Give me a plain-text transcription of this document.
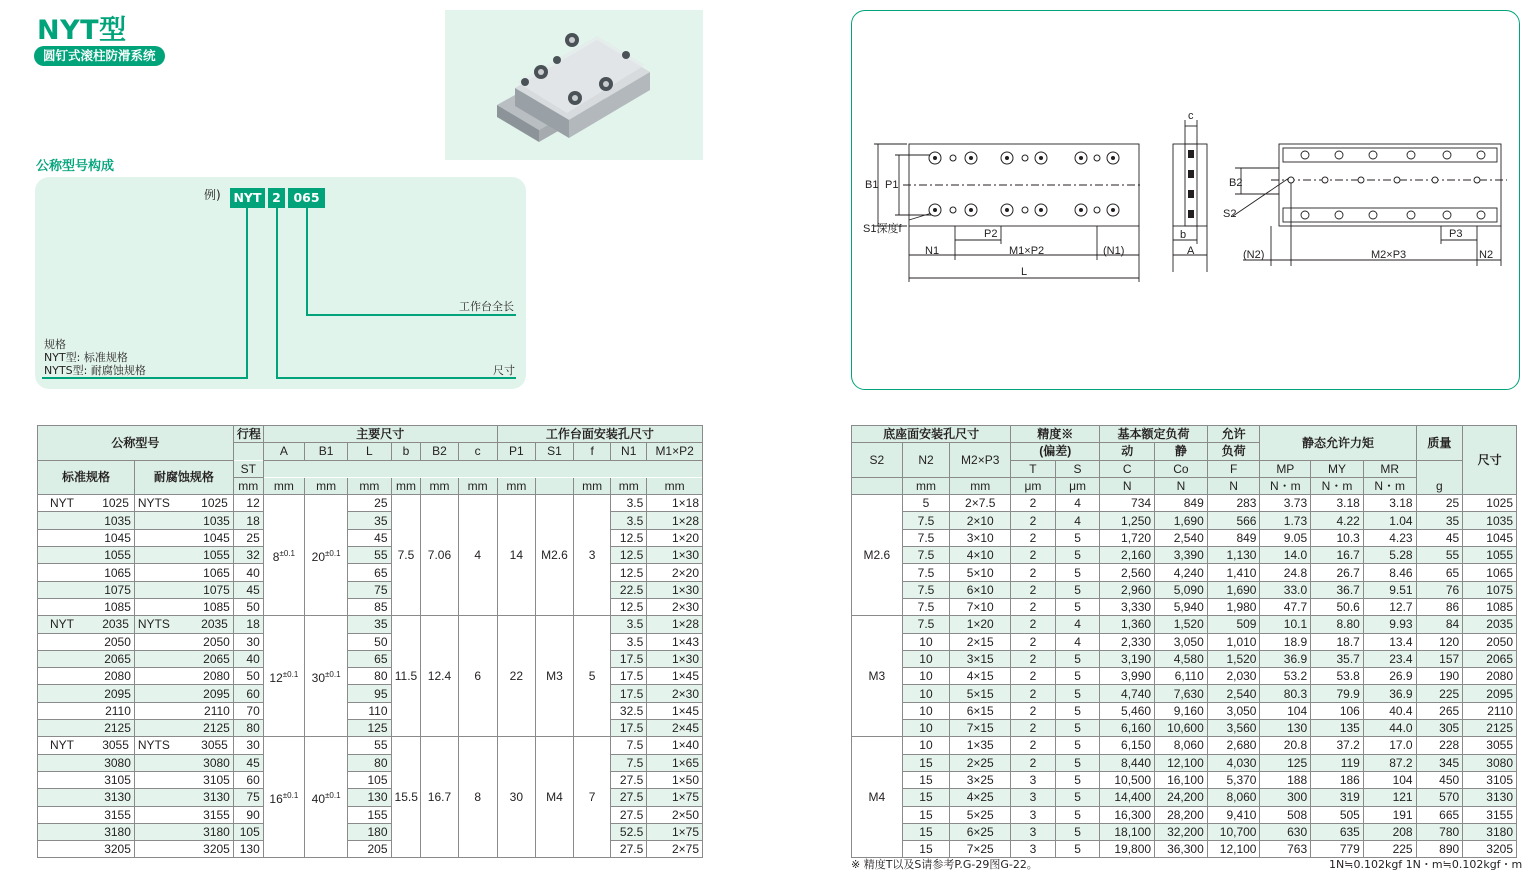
NYT型
圆钉式滚柱防滑系统
公称型号构成
例) NYT 2	065
工作台全长
尺寸
规格
NYT型: 标准规格
NYTS型: 耐腐蚀规格
B1 P1
S1深度f	P2
N1	M1×P2	(N1)
L
c
b
A
B2
S2
P3
(N2)	M2×P3	N2
公称型号		行程	主要尺寸						工作台面安装孔尺寸				
			A	B1	L	b	B2	c	P1	S1	f	N1	M1×P2
标准规格	耐腐蚀规格	ST											
		mm	mm	mm	mm	mm	mm	mm	mm		mm	mm	mm
NYT 1025	NYTS 1025	12	$8^{\pm 0.1}$	$20^{\pm 0.1}$	25	7.5	7.06	4	14	M2.6	3	3.5	1×18
1035	1035	18			35							3.5	1×28
1045	1045	25			45							12.5	1×20
1055	1055	32			55							12.5	1×30
1065	1065	40			65							12.5	2×20
1075	1075	45			75							22.5	1×30
1085	1085	50			85							12.5	2×30
NYT 2035	NYTS 2035	18	$12^{\pm 0.1}$	$30^{\pm 0.1}$	35	11.5	12.4	6	22	M3	5	3.5	1×28
2050	2050	30			50							3.5	1×43
2065	2065	40			65							17.5	1×30
2080	2080	50			80							17.5	1×45
2095	2095	60			95							17.5	2×30
2110	2110	70			110							32.5	1×45
2125	2125	80			125							17.5	2×45
NYT 3055	NYTS 3055	30	$16^{\pm 0.1}$	$40^{\pm 0.1}$	55	15.5	16.7	8	30	M4	7	7.5	1×40
3080	3080	45			80							7.5	1×65
3105	3105	60			105							27.5	1×50
3130	3130	75			130							27.5	1×75
3155	3155	90			155							27.5	2×50
3180	3180	105			180							52.5	1×75
3205	3205	130			205							27.5	2×75
底座面安装孔尺寸			精度※		基本额定负荷		允许	静态允许力矩			质量	尺寸
S2	N2	M2×P3	(偏差)		动	静	负荷					
			T	S	C	Co	F	MP	MY	MR	g	
	mm	mm	μm	μm	N	N	N	N・m	N・m	N・m		
M2.6	5	2×7.5	2	4	734	849	283	3.73	3.18	3.18	25	1025
	7.5	2×10	2	4	1,250	1,690	566	1.73	4.22	1.04	35	1035
	7.5	3×10	2	5	1,720	2,540	849	9.05	10.3	4.23	45	1045
	7.5	4×10	2	5	2,160	3,390	1,130	14.0	16.7	5.28	55	1055
	7.5	5×10	2	5	2,560	4,240	1,410	24.8	26.7	8.46	65	1065
	7.5	6×10	2	5	2,960	5,090	1,690	33.0	36.7	9.51	76	1075
	7.5	7×10	2	5	3,330	5,940	1,980	47.7	50.6	12.7	86	1085
M3	7.5	1×20	2	4	1,360	1,520	509	10.1	8.80	9.93	84	2035
	10	2×15	2	4	2,330	3,050	1,010	18.9	18.7	13.4	120	2050
	10	3×15	2	5	3,190	4,580	1,520	36.9	35.7	23.4	157	2065
	10	4×15	2	5	3,990	6,110	2,030	53.2	53.8	26.9	190	2080
	10	5×15	2	5	4,740	7,630	2,540	80.3	79.9	36.9	225	2095
	10	6×15	2	5	5,460	9,160	3,050	104	106	40.4	265	2110
	10	7×15	2	5	6,160	10,600	3,560	130	135	44.0	305	2125
M4	10	1×35	2	5	6,150	8,060	2,680	20.8	37.2	17.0	228	3055
	15	2×25	2	5	8,440	12,100	4,030	125	119	87.2	345	3080
	15	3×25	3	5	10,500	16,100	5,370	188	186	104	450	3105
	15	4×25	3	5	14,400	24,200	8,060	300	319	121	570	3130
	15	5×25	3	5	16,300	28,200	9,410	508	505	191	665	3155
	15	6×25	3	5	18,100	32,200	10,700	630	635	208	780	3180
	15	7×25	3	5	19,800	36,300	12,100	763	779	225	890	3205
※ 精度T以及S请参考P.G-29图G-22。	1N≒0.102kgf 1N・m≒0.102kgf・m
